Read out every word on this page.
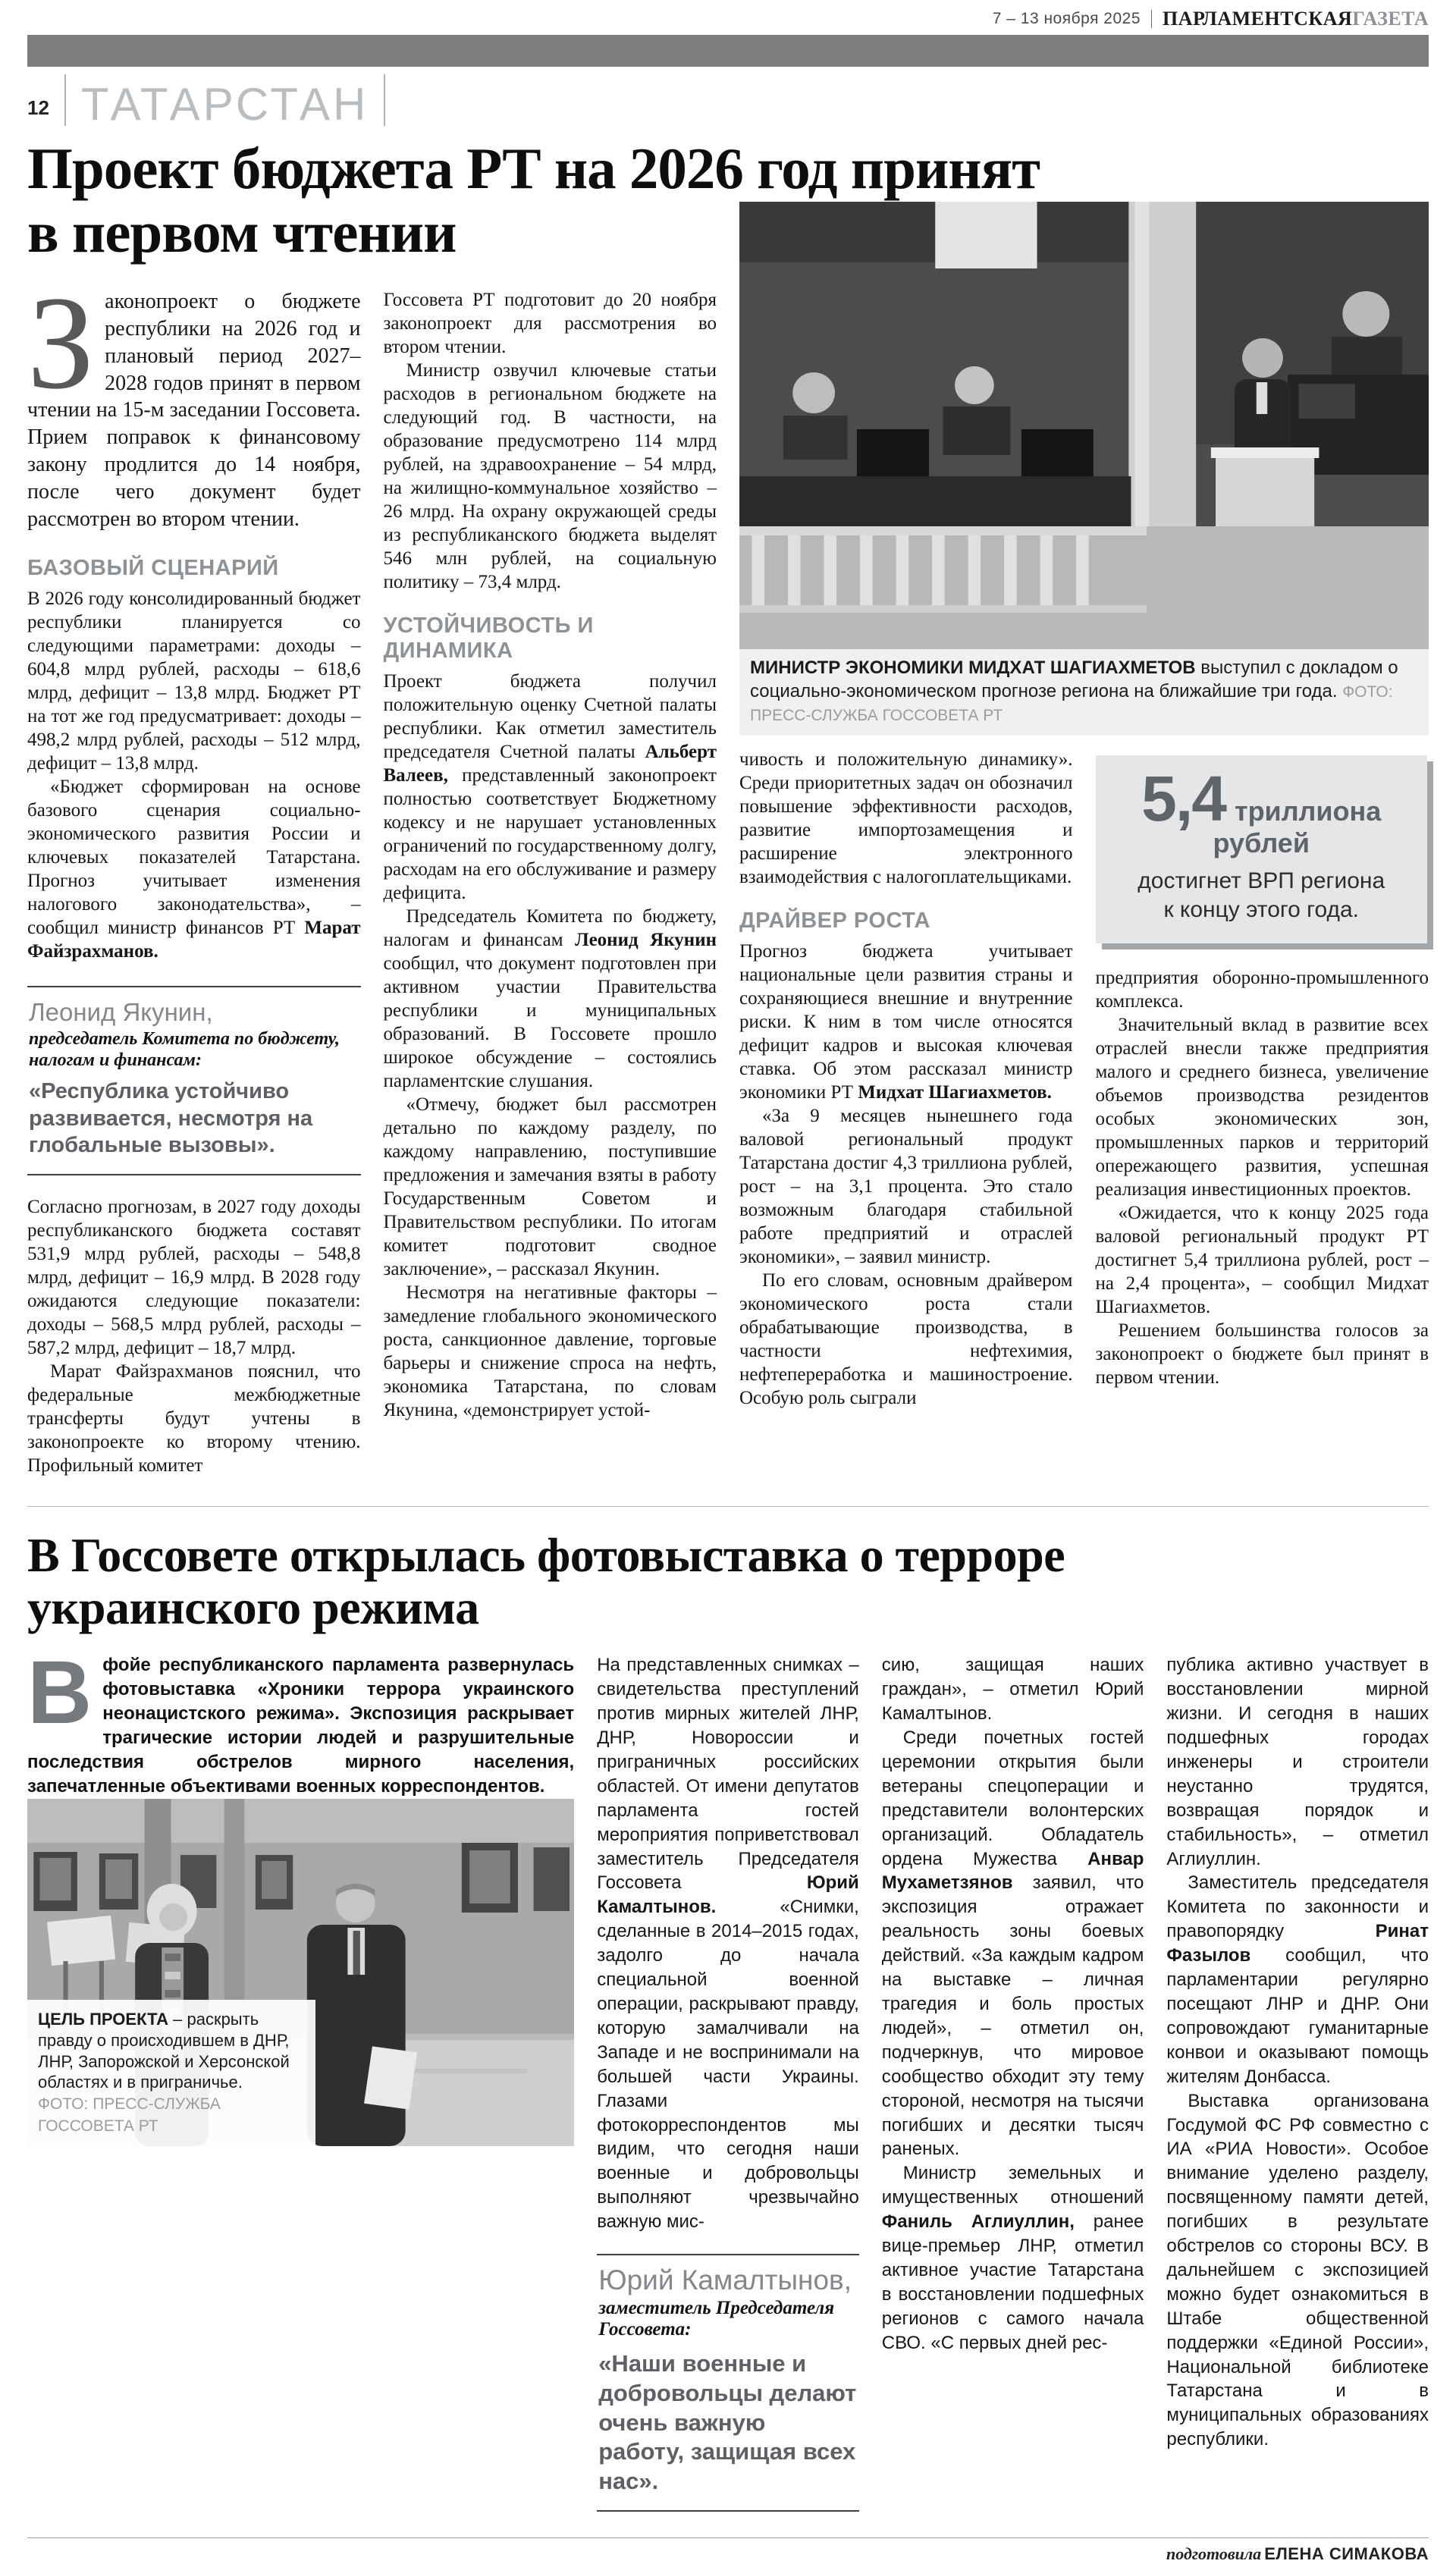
7 – 13 ноября 2025 ПАРЛАМЕНТСКАЯГАЗЕТА
12 ТАТАРСТАН
Проект бюджета РТ на 2026 год принят
в первом чтении

Законопроект о бюджете республики на 2026 год и плановый период 2027– 2028 годов принят в первом чтении на 15-м заседании Госсовета. Прием поправок к финансовому закону продлится до 14 ноября, после чего документ будет рассмотрен во втором чтении.

БАЗОВЫЙ СЦЕНАРИЙ

В 2026 году консолидированный бюджет республики планируется со следующими параметрами: доходы – 604,8 млрд рублей, расходы – 618,6 млрд, дефицит – 13,8 млрд. Бюджет РТ на тот же год предусматривает: доходы – 498,2 млрд рублей, расходы – 512 млрд, дефицит – 13,8 млрд.

«Бюджет сформирован на основе базового сценария социально-экономического развития России и ключевых показателей Татарстана. Прогноз учитывает изменения налогового законодательства», – сообщил министр финансов РТ Марат Файзрахманов.

Леонид Якунин,
председатель Комитета по бюджету, налогам и финансам:
«Республика устойчиво развивается, несмотря на глобальные вызовы».

Согласно прогнозам, в 2027 году доходы республиканского бюджета составят 531,9 млрд рублей, расходы – 548,8 млрд, дефицит – 16,9 млрд. В 2028 году ожидаются следующие показатели: доходы – 568,5 млрд рублей, расходы – 587,2 млрд, дефицит – 18,7 млрд.

Марат Файзрахманов пояснил, что федеральные межбюджетные трансферты будут учтены в законопроекте ко второму чтению. Профильный комитет

Госсовета РТ подготовит до 20 ноября законопроект для рассмотрения во втором чтении.

Министр озвучил ключевые статьи расходов в региональном бюджете на следующий год. В частности, на образование предусмотрено 114 млрд рублей, на здравоохранение – 54 млрд, на жилищно-коммунальное хозяйство – 26 млрд. На охрану окружающей среды из республиканского бюджета выделят 546 млн рублей, на социальную политику – 73,4 млрд.

УСТОЙЧИВОСТЬ И ДИНАМИКА

Проект бюджета получил положительную оценку Счетной палаты республики. Как отметил заместитель председателя Счетной палаты Альберт Валеев, представленный законопроект полностью соответствует Бюджетному кодексу и не нарушает установленных ограничений по государственному долгу, расходам на его обслуживание и размеру дефицита.

Председатель Комитета по бюджету, налогам и финансам Леонид Якунин сообщил, что документ подготовлен при активном участии Правительства республики и муниципальных образований. В Госсовете прошло широкое обсуждение – состоялись парламентские слушания.

«Отмечу, бюджет был рассмотрен детально по каждому разделу, по каждому направлению, поступившие предложения и замечания взяты в работу Государственным Советом и Правительством республики. По итогам комитет подготовит сводное заключение», – рассказал Якунин.

Несмотря на негативные факторы – замедление глобального экономического роста, санкционное давление, торговые барьеры и снижение спроса на нефть, экономика Татарстана, по словам Якунина, «демонстрирует устой-

МИНИСТР ЭКОНОМИКИ МИДХАТ ШАГИАХМЕТОВ выступил с докладом о социально-экономическом прогнозе региона на ближайшие три года. ФОТО: ПРЕСС-СЛУЖБА ГОССОВЕТА РТ

чивость и положительную динамику». Среди приоритетных задач он обозначил повышение эффективности расходов, развитие импортозамещения и расширение электронного взаимодействия с налогоплательщиками.

ДРАЙВЕР РОСТА

Прогноз бюджета учитывает национальные цели развития страны и сохраняющиеся внешние и внутренние риски. К ним в том числе относятся дефицит кадров и высокая ключевая ставка. Об этом рассказал министр экономики РТ Мидхат Шагиахметов.

«За 9 месяцев нынешнего года валовой региональный продукт Татарстана достиг 4,3 триллиона рублей, рост – на 3,1 процента. Это стало возможным благодаря стабильной работе предприятий и отраслей экономики», – заявил министр.

По его словам, основным драйвером экономического роста стали обрабатывающие производства, в частности нефтехимия, нефтепереработка и машиностроение. Особую роль сыграли

5,4 триллиона
рублей
достигнет ВРП региона
к концу этого года.

предприятия оборонно-промышленного комплекса.

Значительный вклад в развитие всех отраслей внесли также предприятия малого и среднего бизнеса, увеличение объемов производства резидентов особых экономических зон, промышленных парков и территорий опережающего развития, успешная реализация инвестиционных проектов.

«Ожидается, что к концу 2025 года валовой региональный продукт РТ достигнет 5,4 триллиона рублей, рост – на 2,4 процента», – сообщил Мидхат Шагиахметов.

Решением большинства голосов за законопроект о бюджете был принят в первом чтении.

В Госсовете открылась фотовыставка о терроре
украинского режима

В фойе республиканского парламента развернулась фотовыставка «Хроники террора украинского неонацистского режима». Экспозиция раскрывает трагические истории людей и разрушительные последствия обстрелов мирного населения, запечатленные объективами военных корреспондентов.

ЦЕЛЬ ПРОЕКТА – раскрыть правду о происходившем в ДНР, ЛНР, Запорожской и Херсонской областях и в приграничье.
ФОТО: ПРЕСС-СЛУЖБА ГОССОВЕТА РТ

На представленных снимках – свидетельства преступлений против мирных жителей ЛНР, ДНР, Новороссии и приграничных российских областей. От имени депутатов парламента гостей мероприятия поприветствовал заместитель Председателя Госсовета Юрий Камалтынов. «Снимки, сделанные в 2014–2015 годах, задолго до начала специальной военной операции, раскрывают правду, которую замалчивали на Западе и не воспринимали на большей части Украины. Глазами фотокорреспондентов мы видим, что сегодня наши военные и добровольцы выполняют чрезвычайно важную мис-

Юрий Камалтынов,
заместитель Председателя Госсовета:
«Наши военные и добровольцы делают очень важную работу, защищая всех нас».

сию, защищая наших граждан», – отметил Юрий Камалтынов.

Среди почетных гостей церемонии открытия были ветераны спецоперации и представители волонтерских организаций. Обладатель ордена Мужества Анвар Мухаметзянов заявил, что экспозиция отражает реальность зоны боевых действий. «За каждым кадром на выставке – личная трагедия и боль простых людей», – отметил он, подчеркнув, что мировое сообщество обходит эту тему стороной, несмотря на тысячи погибших и десятки тысяч раненых.

Министр земельных и имущественных отношений Фаниль Аглиуллин, ранее вице-премьер ЛНР, отметил активное участие Татарстана в восстановлении подшефных регионов с самого начала СВО. «С первых дней рес-

публика активно участвует в восстановлении мирной жизни. И сегодня в наших подшефных городах инженеры и строители неустанно трудятся, возвращая порядок и стабильность», – отметил Аглиуллин.

Заместитель председателя Комитета по законности и правопорядку Ринат Фазылов сообщил, что парламентарии регулярно посещают ЛНР и ДНР. Они сопровождают гуманитарные конвои и оказывают помощь жителям Донбасса.

Выставка организована Госдумой ФС РФ совместно с ИА «РИА Новости». Особое внимание уделено разделу, посвященному памяти детей, погибших в результате обстрелов со стороны ВСУ. В дальнейшем с экспозицией можно будет ознакомиться в Штабе общественной поддержки «Единой России», Национальной библиотеке Татарстана и в муниципальных образованиях республики.

подготовила ЕЛЕНА СИМАКОВА
